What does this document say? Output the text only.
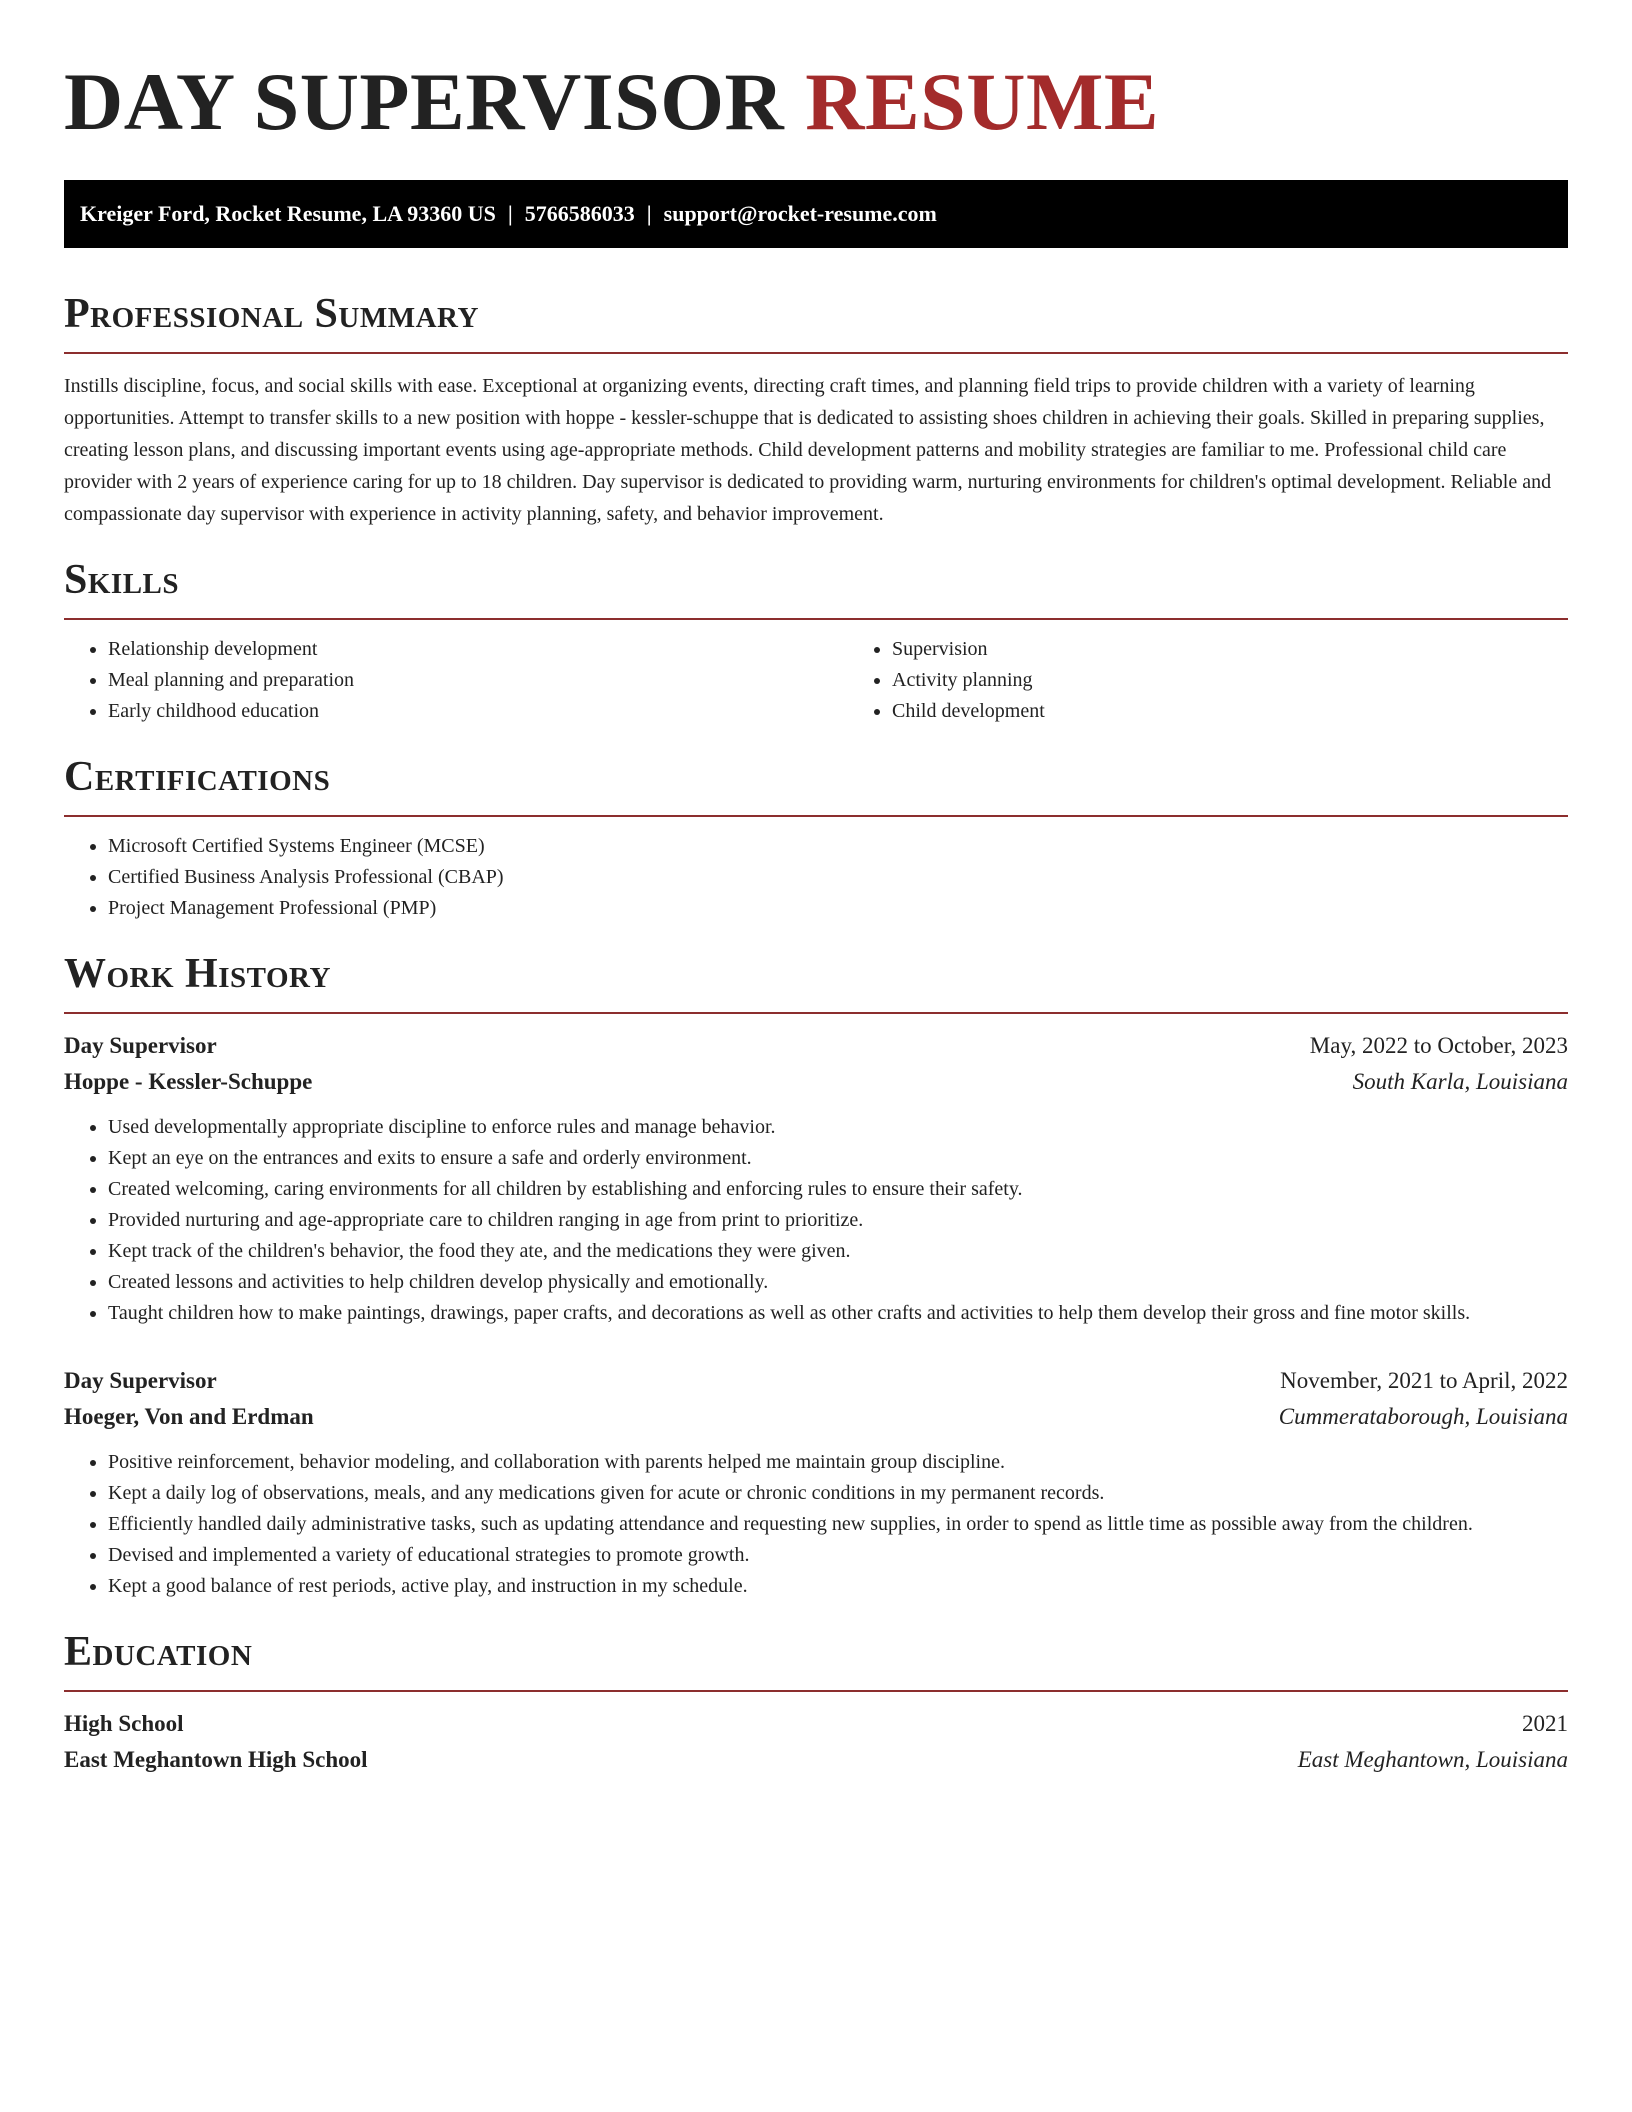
DAY SUPERVISOR RESUME
Kreiger Ford, Rocket Resume, LA 93360 US | 5766586033 | support@rocket-resume.com
Professional Summary

Instills discipline, focus, and social skills with ease. Exceptional at organizing events, directing craft times, and planning field trips to provide children with a variety of learning opportunities. Attempt to transfer skills to a new position with hoppe - kessler-schuppe that is dedicated to assisting shoes children in achieving their goals. Skilled in preparing supplies, creating lesson plans, and discussing important events using age-appropriate methods. Child development patterns and mobility strategies are familiar to me. Professional child care provider with 2 years of experience caring for up to 18 children. Day supervisor is dedicated to providing warm, nurturing environments for children's optimal development. Reliable and compassionate day supervisor with experience in activity planning, safety, and behavior improvement.

Skills
• Relationship development
• Meal planning and preparation
• Early childhood education
• Supervision
• Activity planning
• Child development
Certifications
• Microsoft Certified Systems Engineer (MCSE)
• Certified Business Analysis Professional (CBAP)
• Project Management Professional (PMP)
Work History
Day Supervisor	May, 2022 to October, 2023
Hoppe - Kessler-Schuppe	South Karla, Louisiana
• Used developmentally appropriate discipline to enforce rules and manage behavior.
• Kept an eye on the entrances and exits to ensure a safe and orderly environment.
• Created welcoming, caring environments for all children by establishing and enforcing rules to ensure their safety.
• Provided nurturing and age-appropriate care to children ranging in age from print to prioritize.
• Kept track of the children's behavior, the food they ate, and the medications they were given.
• Created lessons and activities to help children develop physically and emotionally.
• Taught children how to make paintings, drawings, paper crafts, and decorations as well as other crafts and activities to help them develop their gross and fine motor skills.
Day Supervisor	November, 2021 to April, 2022
Hoeger, Von and Erdman	Cummerataborough, Louisiana
• Positive reinforcement, behavior modeling, and collaboration with parents helped me maintain group discipline.
• Kept a daily log of observations, meals, and any medications given for acute or chronic conditions in my permanent records.
• Efficiently handled daily administrative tasks, such as updating attendance and requesting new supplies, in order to spend as little time as possible away from the children.
• Devised and implemented a variety of educational strategies to promote growth.
• Kept a good balance of rest periods, active play, and instruction in my schedule.
Education
High School	2021
East Meghantown High School	East Meghantown, Louisiana
